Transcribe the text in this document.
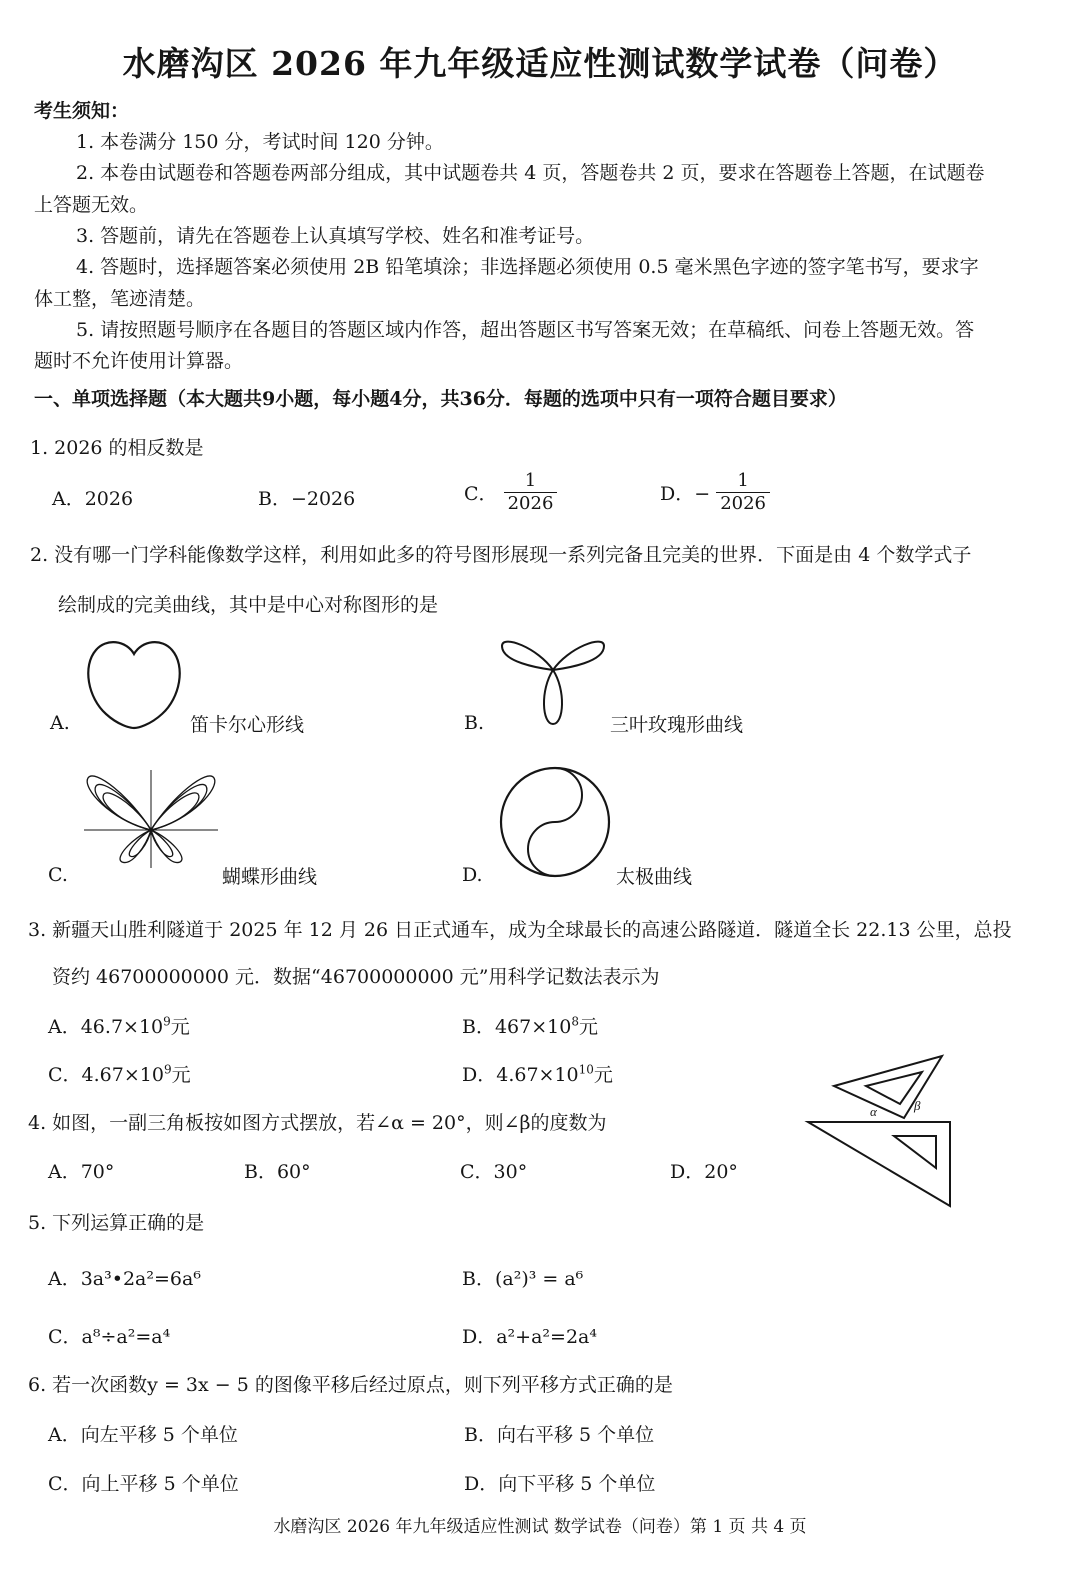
水磨沟区 2026 年九年级适应性测试数学试卷（问卷）
考生须知：
1. 本卷满分 150 分，考试时间 120 分钟。
2. 本卷由试题卷和答题卷两部分组成，其中试题卷共 4 页，答题卷共 2 页，要求在答题卷上答题，在试题卷
上答题无效。
3. 答题前，请先在答题卷上认真填写学校、姓名和准考证号。
4. 答题时，选择题答案必须使用 2B 铅笔填涂；非选择题必须使用 0.5 毫米黑色字迹的签字笔书写，要求字
体工整，笔迹清楚。
5. 请按照题号顺序在各题目的答题区域内作答，超出答题区书写答案无效；在草稿纸、问卷上答题无效。答
题时不允许使用计算器。
一、单项选择题（本大题共9小题，每小题4分，共36分．每题的选项中只有一项符合题目要求）
1. 2026 的相反数是
A．2026	B．−2026	C． $\frac{1}{2026}$	D．− $\frac{1}{2026}$
2. 没有哪一门学科能像数学这样，利用如此多的符号图形展现一系列完备且完美的世界．下面是由 4 个数学式子
绘制成的完美曲线，其中是中心对称图形的是
A.	笛卡尔心形线	B.	三叶玫瑰形曲线
C.	蝴蝶形曲线	D.	太极曲线
3. 新疆天山胜利隧道于 2025 年 12 月 26 日正式通车，成为全球最长的高速公路隧道．隧道全长 22.13 公里，总投
资约 46700000000 元．数据“46700000000 元”用科学记数法表示为
A．$46.7\times 10^9$元	B．$467\times 10^8$元
C．$4.67\times 10^9$元	D．$4.67\times 10^{10}$元
α	β
4. 如图，一副三角板按如图方式摆放，若∠α = 20°，则∠β的度数为
A．70°	B．60°	C．30°	D．20°
5. 下列运算正确的是
A．3a³•2a²=6a⁶	B．(a²)³ = a⁶
C．a⁸÷a²=a⁴	D．a²+a²=2a⁴
6. 若一次函数y = 3x − 5 的图像平移后经过原点，则下列平移方式正确的是
A．向左平移 5 个单位	B．向右平移 5 个单位
C．向上平移 5 个单位	D．向下平移 5 个单位
水磨沟区 2026 年九年级适应性测试 数学试卷（问卷）第 1 页 共 4 页
